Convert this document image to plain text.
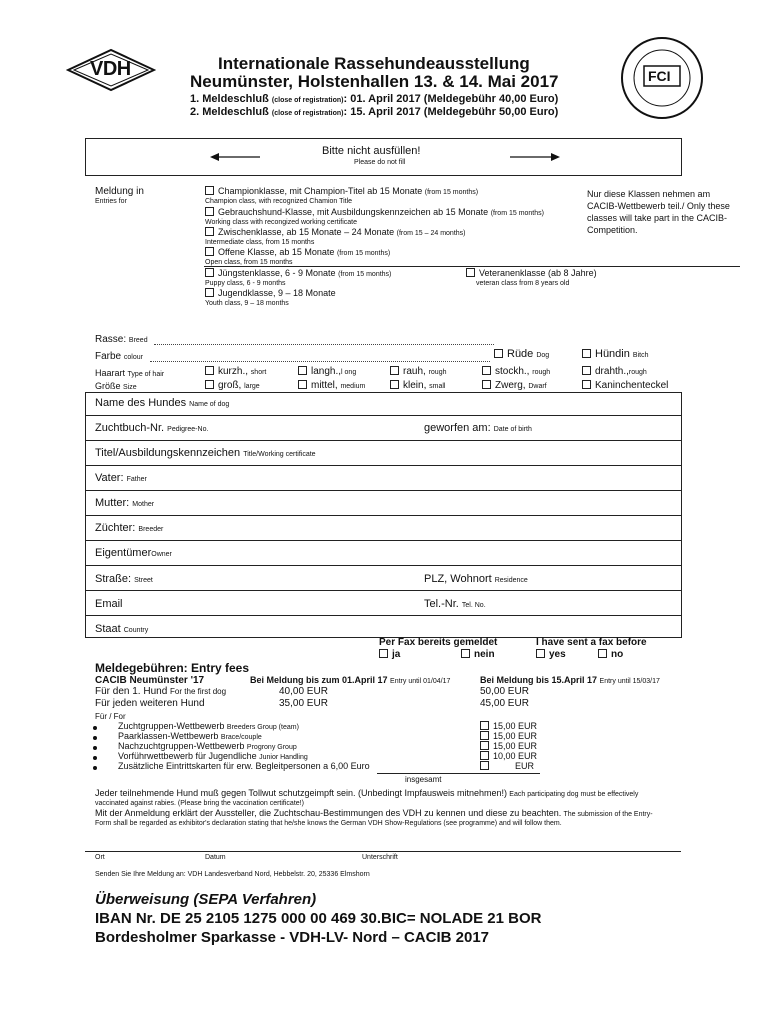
VDH	FCI
Internationale Rassehundeausstellung
Neumünster, Holstenhallen 13. & 14. Mai 2017
1. Meldeschluß (close of registration): 01. April 2017 (Meldegebühr 40,00 Euro)
2. Meldeschluß (close of registration): 15. April 2017 (Meldegebühr 50,00 Euro)
Bitte nicht ausfüllen!
Please do not fill
Meldung in
Entries for
Championklasse, mit Champion-Titel ab 15 Monate (from 15 months)
Champion class, with recognized Chamion Title
Gebrauchshund-Klasse, mit Ausbildungskennzeichen ab 15 Monate (from 15 months)
Working class with recongized working certificate
Zwischenklasse, ab 15 Monate – 24 Monate (from 15 – 24 months)
Intermediate class, from 15 months
Offene Klasse, ab 15 Monate (from 15 months)
Open class, from 15 months
Nur diese Klassen nehmen am CACIB-Wettbewerb teil./ Only these classes will take part in the CACIB-Competition.
Jüngstenklasse, 6 - 9 Monate (from 15 months)
Puppy class, 6 - 9 months
Veteranenklasse (ab 8 Jahre)
veteran class from 8 years old
Jugendklasse, 9 – 18 Monate
Youth class, 9 – 18 months
Rasse: Breed
Farbe colour	Rüde Dog	Hündin Bitch
Haarart Type of hair
Größe Size
kurzh., short	langh.,l ong	rauh, rough	stockh., rough	drahth.,rough
groß, large	mittel, medium	klein, small	Zwerg, Dwarf	Kaninchenteckel
Name des Hundes Name of dog
Zuchtbuch-Nr. Pedigree-No.	geworfen am: Date of birth
Titel/Ausbildungskennzeichen Title/Working certificate
Vater: Father
Mutter: Mother
Züchter: Breeder
EigentümerOwner
Straße: Street	PLZ, Wohnort Residence
Email	Tel.-Nr. Tel. No.
Staat Country
Per Fax bereits gemeldet	I have sent a fax before
ja	nein	yes	no
Meldegebühren: Entry fees
CACIB Neumünster '17	Bei Meldung bis zum 01.April 17 Entry until 01/04/17	Bei Meldung bis 15.April 17 Entry until 15/03/17
Für den 1. Hund For the first dog	40,00 EUR	50,00 EUR
Für jeden weiteren Hund	35,00 EUR	45,00 EUR
Für / For
Zuchtgruppen-Wettbewerb Breeders Group (team)	15,00 EUR
Paarklassen-Wettbewerb Brace/couple	15,00 EUR
Nachzuchtgruppen-Wettbewerb Progrony Group	15,00 EUR
Vorführwettbewerb für Jugendliche Junior Handling	10,00 EUR
Zusätzliche Eintrittskarten für erw. Begleitpersonen a 6,00 Euro	EUR
insgesamt
Jeder teilnehmende Hund muß gegen Tollwut schutzgeimpft sein. (Unbedingt Impfausweis mitnehmen!) Each participating dog must be effectively
vaccinated against rabies. (Please bring the vaccination certificate!)
Mit der Anmeldung erklärt der Aussteller, die Zuchtschau-Bestimmungen des VDH zu kennen und diese zu beachten. The submission of the Entry-
Form shall be regarded as exhibitor's declaration stating that he/she knows the German VDH Show-Regulations (see programme) and will follow them.
Ort	Datum	Unterschrift
Senden Sie Ihre Meldung an: VDH Landesverband Nord, Hebbelstr. 20, 25336 Elmshorn
Überweisung (SEPA Verfahren)
IBAN Nr. DE 25 2105 1275 000 00 469 30.BIC= NOLADE 21 BOR
Bordesholmer Sparkasse - VDH-LV- Nord – CACIB 2017
